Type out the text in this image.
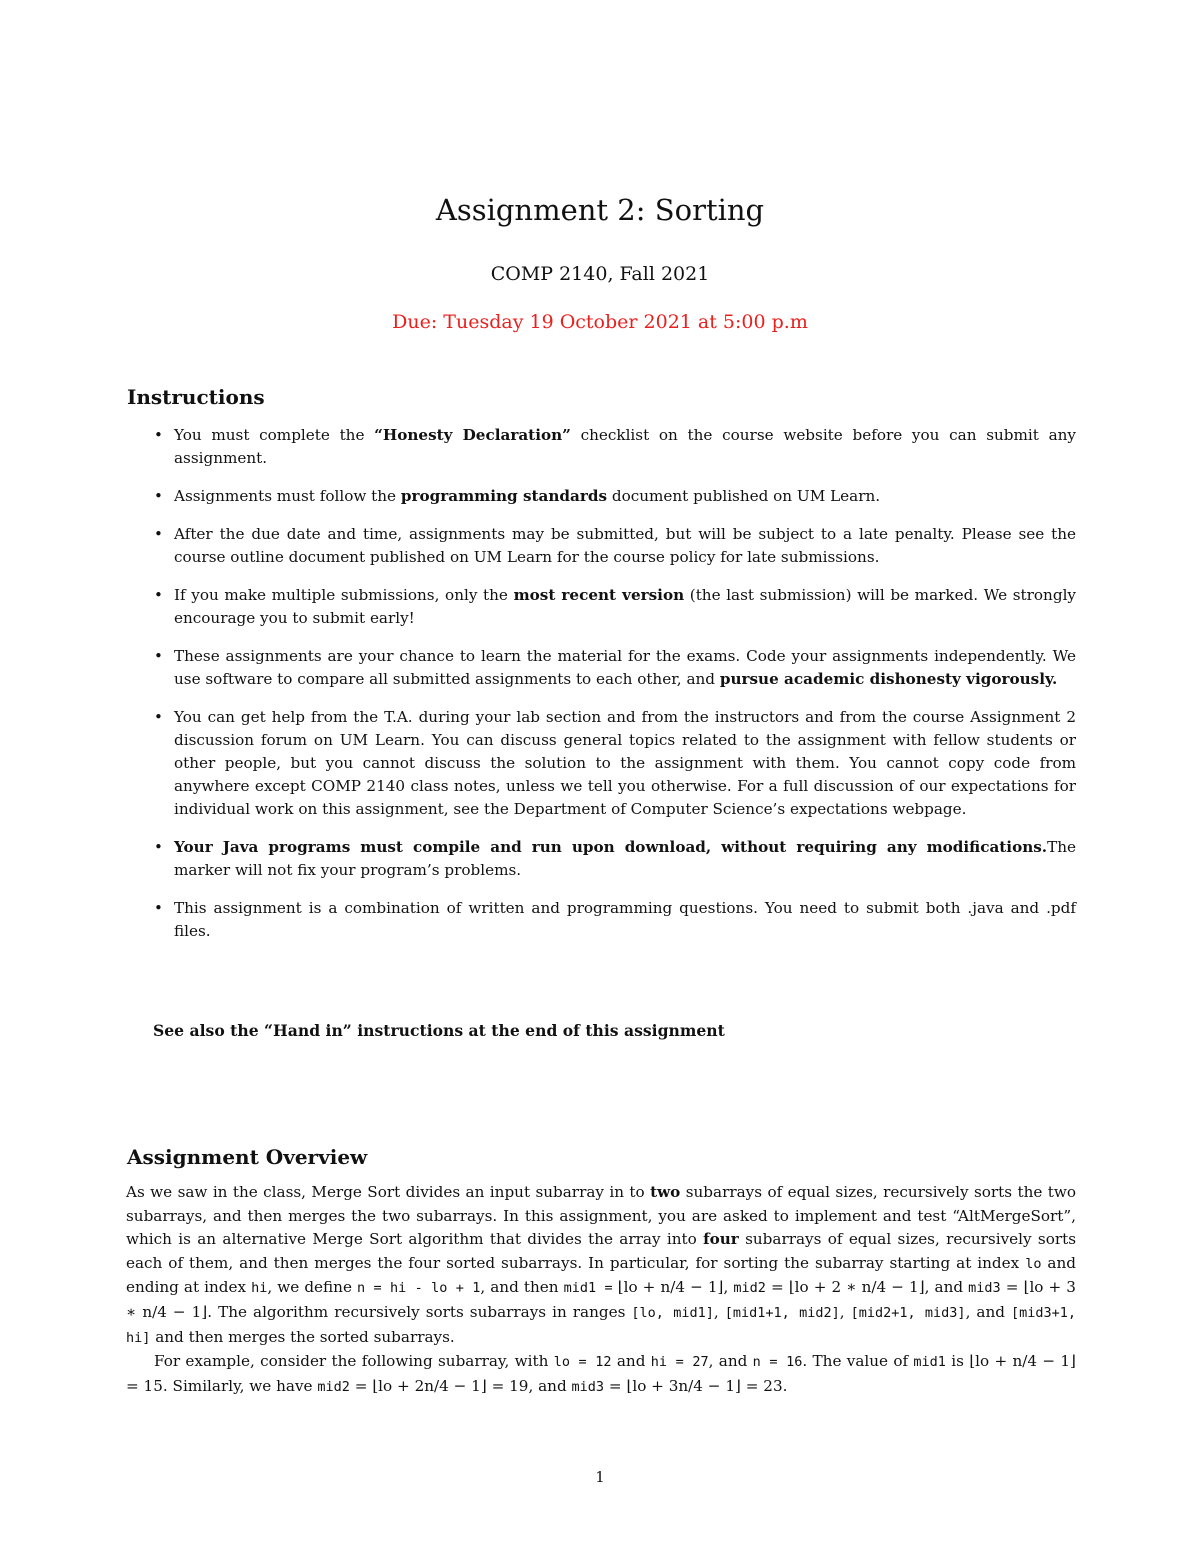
Assignment 2: Sorting

COMP 2140, Fall 2021

Due: Tuesday 19 October 2021 at 5:00 p.m

Instructions
• You must complete the “Honesty Declaration” checklist on the course website before you can submit any assignment.
• Assignments must follow the programming standards document published on UM Learn.
• After the due date and time, assignments may be submitted, but will be subject to a late penalty. Please see the course outline document published on UM Learn for the course policy for late submissions.
• If you make multiple submissions, only the most recent version (the last submission) will be marked. We strongly encourage you to submit early!
• These assignments are your chance to learn the material for the exams. Code your assignments independently. We use software to compare all submitted assignments to each other, and pursue academic dishonesty vigorously.
• You can get help from the T.A. during your lab section and from the instructors and from the course Assignment 2 discussion forum on UM Learn. You can discuss general topics related to the assignment with fellow students or other people, but you cannot discuss the solution to the assignment with them. You cannot copy code from anywhere except COMP 2140 class notes, unless we tell you otherwise. For a full discussion of our expectations for individual work on this assignment, see the Department of Computer Science’s expectations webpage.
• Your Java programs must compile and run upon download, without requiring any modifications.The marker will not fix your program’s problems.
• This assignment is a combination of written and programming questions. You need to submit both .java and .pdf files.

See also the “Hand in” instructions at the end of this assignment

Assignment Overview

As we saw in the class, Merge Sort divides an input subarray in to two subarrays of equal sizes, recursively sorts the two subarrays, and then merges the two subarrays. In this assignment, you are asked to implement and test “AltMergeSort”, which is an alternative Merge Sort algorithm that divides the array into four subarrays of equal sizes, recursively sorts each of them, and then merges the four sorted subarrays. In particular, for sorting the subarray starting at index lo and ending at index hi, we define n = hi - lo + 1, and then mid1 = ⌊lo + n/4 − 1⌋, mid2 = ⌊lo + 2 ∗ n/4 − 1⌋, and mid3 = ⌊lo + 3 ∗ n/4 − 1⌋. The algorithm recursively sorts subarrays in ranges [lo, mid1], [mid1+1, mid2], [mid2+1, mid3], and [mid3+1, hi] and then merges the sorted subarrays.

For example, consider the following subarray, with lo = 12 and hi = 27, and n = 16. The value of mid1 is ⌊lo + n/4 − 1⌋ = 15. Similarly, we have mid2 = ⌊lo + 2n/4 − 1⌋ = 19, and mid3 = ⌊lo + 3n/4 − 1⌋ = 23.

1
